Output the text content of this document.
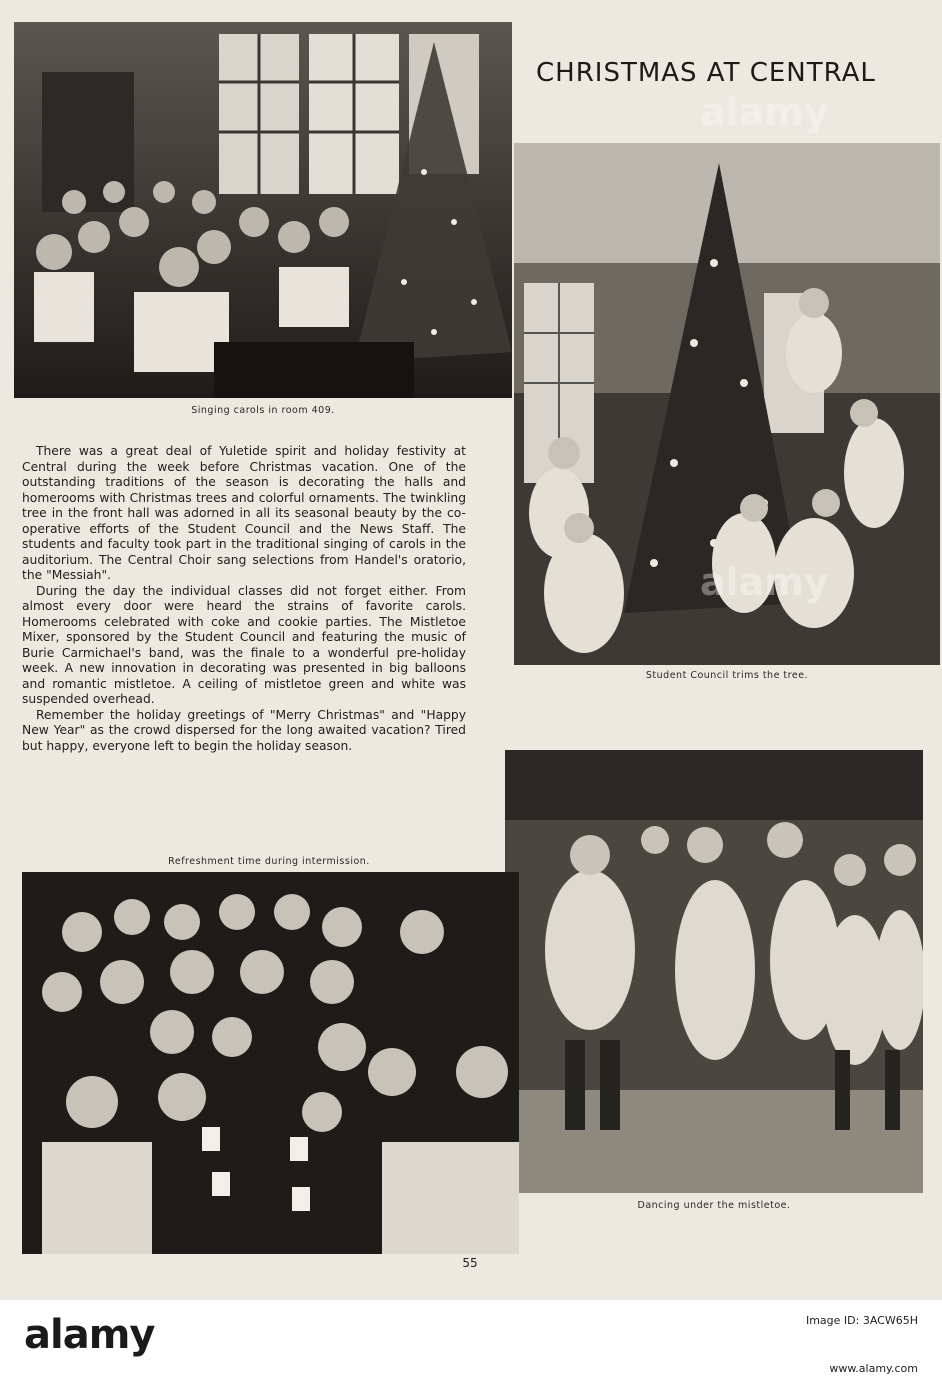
Singing carols in room 409.
CHRISTMAS AT CENTRAL
Student Council trims the tree.

There was a great deal of Yuletide spirit and holiday festivity at Central during the week before Christmas vacation. One of the outstanding traditions of the season is decorating the halls and homerooms with Christmas trees and colorful ornaments. The twinkling tree in the front hall was adorned in all its seasonal beauty by the co-operative efforts of the Student Council and the News Staff. The students and faculty took part in the traditional singing of carols in the auditorium. The Central Choir sang selections from Handel's oratorio, the "Messiah".

During the day the individual classes did not forget either. From almost every door were heard the strains of favorite carols. Homerooms celebrated with coke and cookie parties. The Mistletoe Mixer, sponsored by the Student Council and featuring the music of Burie Carmichael's band, was the finale to a wonderful pre-holiday week. A new innovation in decorating was presented in big balloons and romantic mistletoe. A ceiling of mistletoe green and white was suspended overhead.

Remember the holiday greetings of "Merry Christmas" and "Happy New Year" as the crowd dispersed for the long awaited vacation? Tired but happy, everyone left to begin the holiday season.

Dancing under the mistletoe.
Refreshment time during intermission.
55
alamy
alamy
alamy	Image ID: 3ACW65H
www.alamy.com
